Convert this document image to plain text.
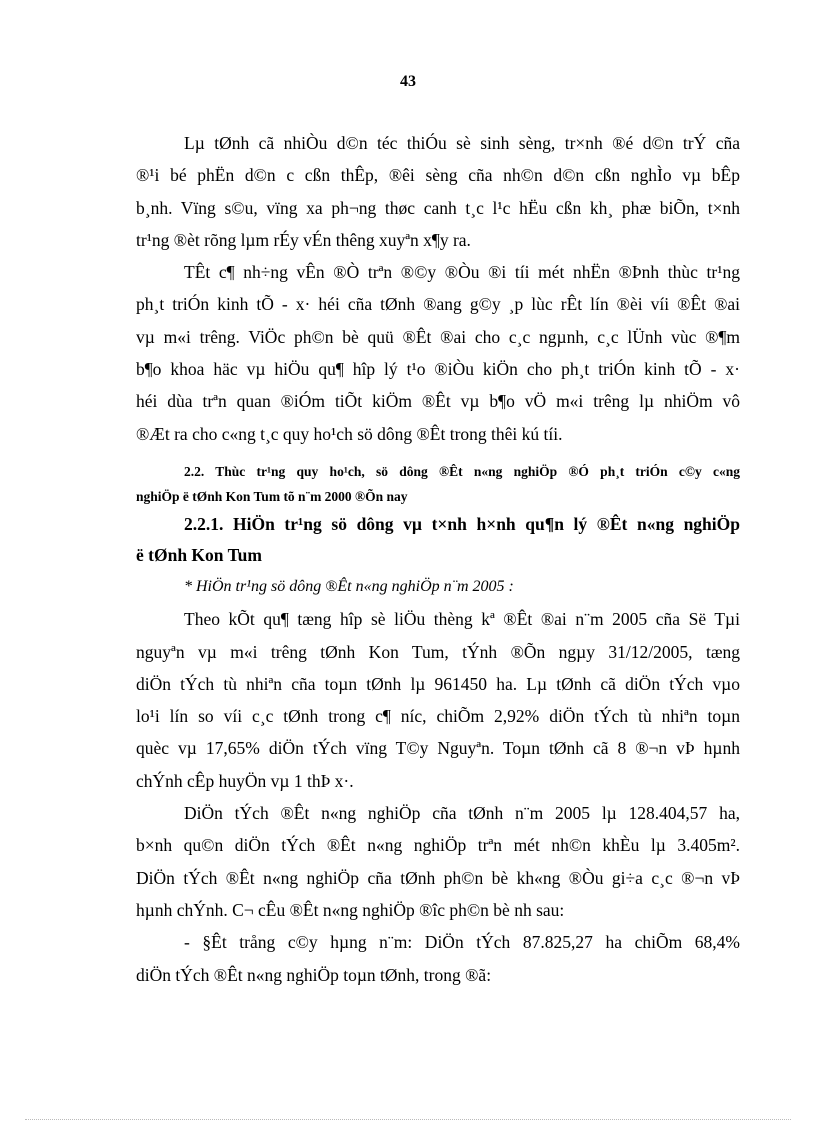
43
Lµ tØnh cã nhiÒu d©n téc thiÓu sè sinh sèng, tr×nh ®é d©n trÝ cña
®¹i bé phËn d©n c cßn thÊp, ®êi sèng cña nh©n d©n cßn nghÌo vµ bÊp
b¸nh. Vïng s©u, vïng xa ph¬ng thøc canh t¸c l¹c hËu cßn kh¸ phæ biÕn, t×nh
tr¹ng ®èt rõng lµm rÉy vÉn thêng xuyªn x¶y ra.
TÊt c¶ nh÷ng vÊn ®Ò trªn ®©y ®Òu ®i tíi mét nhËn ®Þnh thùc tr¹ng
ph¸t triÓn kinh tÕ - x· héi cña tØnh ®ang g©y ¸p lùc rÊt lín ®èi víi ®Êt ®ai
vµ m«i trêng. ViÖc ph©n bè quü ®Êt ®ai cho c¸c ngµnh, c¸c lÜnh vùc ®¶m
b¶o khoa häc vµ hiÖu qu¶ hîp lý t¹o ®iÒu kiÖn cho ph¸t triÓn kinh tÕ - x·
héi dùa trªn quan ®iÓm tiÕt kiÖm ®Êt vµ b¶o vÖ m«i trêng lµ nhiÖm vô
®Æt ra cho c«ng t¸c quy ho¹ch sö dông ®Êt trong thêi kú tíi.
2.2. Thùc tr¹ng quy ho¹ch, sö dông ®Êt n«ng nghiÖp ®Ó ph¸t triÓn c©y c«ng
nghiÖp ë tØnh Kon Tum tõ n¨m 2000 ®Õn nay
2.2.1. HiÖn tr¹ng sö dông vµ t×nh h×nh qu¶n lý ®Êt n«ng nghiÖp
ë tØnh Kon Tum
* HiÖn tr¹ng sö dông ®Êt n«ng nghiÖp n¨m 2005 :
Theo kÕt qu¶ tæng hîp sè liÖu thèng kª ®Êt ®ai n¨m 2005 cña Së Tµi
nguyªn vµ m«i trêng tØnh Kon Tum, tÝnh ®Õn ngµy 31/12/2005, tæng
diÖn tÝch tù nhiªn cña toµn tØnh lµ 961450 ha. Lµ tØnh cã diÖn tÝch vµo
lo¹i lín so víi c¸c tØnh trong c¶ níc, chiÕm 2,92% diÖn tÝch tù nhiªn toµn
quèc vµ 17,65% diÖn tÝch vïng T©y Nguyªn. Toµn tØnh cã 8 ®¬n vÞ hµnh
chÝnh cÊp huyÖn vµ 1 thÞ x·.
DiÖn tÝch ®Êt n«ng nghiÖp cña tØnh n¨m 2005 lµ 128.404,57 ha,
b×nh qu©n diÖn tÝch ®Êt n«ng nghiÖp trªn mét nh©n khÈu lµ 3.405m².
DiÖn tÝch ®Êt n«ng nghiÖp cña tØnh ph©n bè kh«ng ®Òu gi÷a c¸c ®¬n vÞ
hµnh chÝnh. C¬ cÊu ®Êt n«ng nghiÖp ®îc ph©n bè nh sau:
- §Êt trång c©y hµng n¨m: DiÖn tÝch 87.825,27 ha chiÕm 68,4%
diÖn tÝch ®Êt n«ng nghiÖp toµn tØnh, trong ®ã:
